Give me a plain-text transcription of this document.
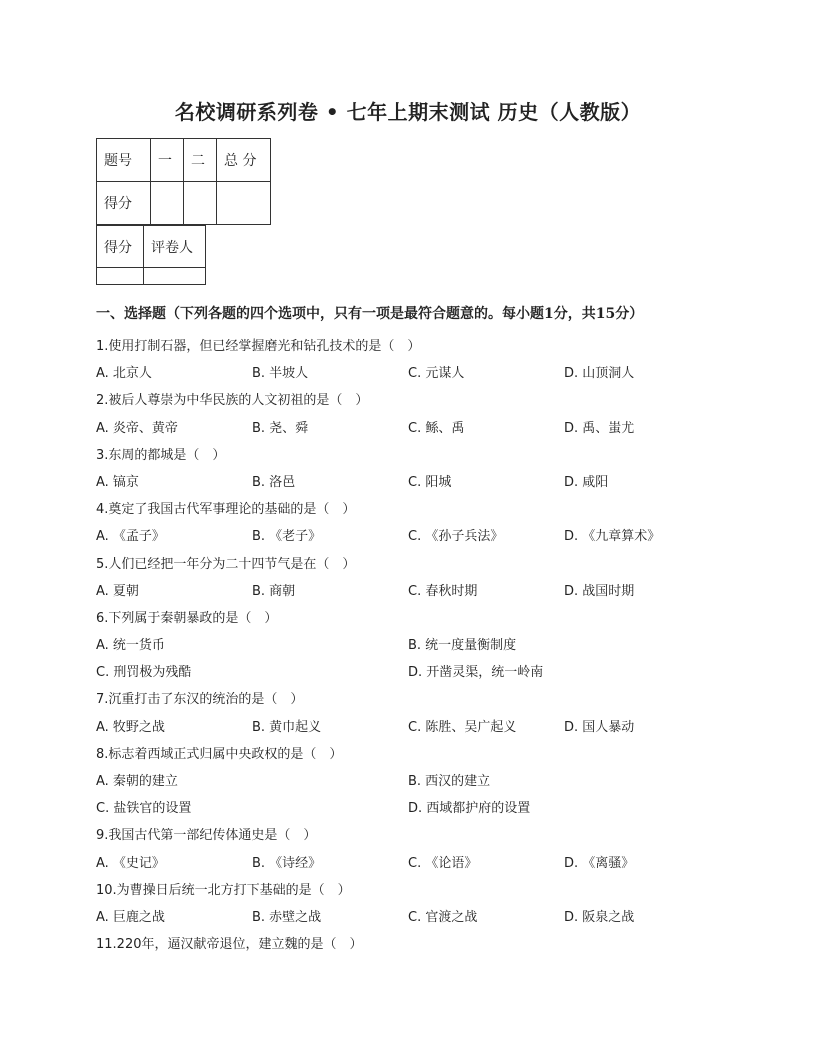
名校调研系列卷 • 七年上期末测试 历史（人教版）
题号	一	二	总 分
得分			
得分	评卷人

一、选择题（下列各题的四个选项中，只有一项是最符合题意的。每小题1分，共15分）
1.使用打制石器，但已经掌握磨光和钻孔技术的是（　）
A. 北京人	B. 半坡人	C. 元谋人	D. 山顶洞人
2.被后人尊崇为中华民族的人文初祖的是（　）
A. 炎帝、黄帝	B. 尧、舜	C. 鲧、禹	D. 禹、蚩尤
3.东周的都城是（　）
A. 镐京	B. 洛邑	C. 阳城	D. 咸阳
4.奠定了我国古代军事理论的基础的是（　）
A. 《孟子》	B. 《老子》	C. 《孙子兵法》	D. 《九章算术》
5.人们已经把一年分为二十四节气是在（　）
A. 夏朝	B. 商朝	C. 春秋时期	D. 战国时期
6.下列属于秦朝暴政的是（　）
A. 统一货币	B. 统一度量衡制度
C. 刑罚极为残酷	D. 开凿灵渠，统一岭南
7.沉重打击了东汉的统治的是（　）
A. 牧野之战	B. 黄巾起义	C. 陈胜、吴广起义	D. 国人暴动
8.标志着西域正式归属中央政权的是（　）
A. 秦朝的建立	B. 西汉的建立
C. 盐铁官的设置	D. 西域都护府的设置
9.我国古代第一部纪传体通史是（　）
A. 《史记》	B. 《诗经》	C. 《论语》	D. 《离骚》
10.为曹操日后统一北方打下基础的是（　）
A. 巨鹿之战	B. 赤壁之战	C. 官渡之战	D. 阪泉之战
11.220年，逼汉献帝退位，建立魏的是（　）
